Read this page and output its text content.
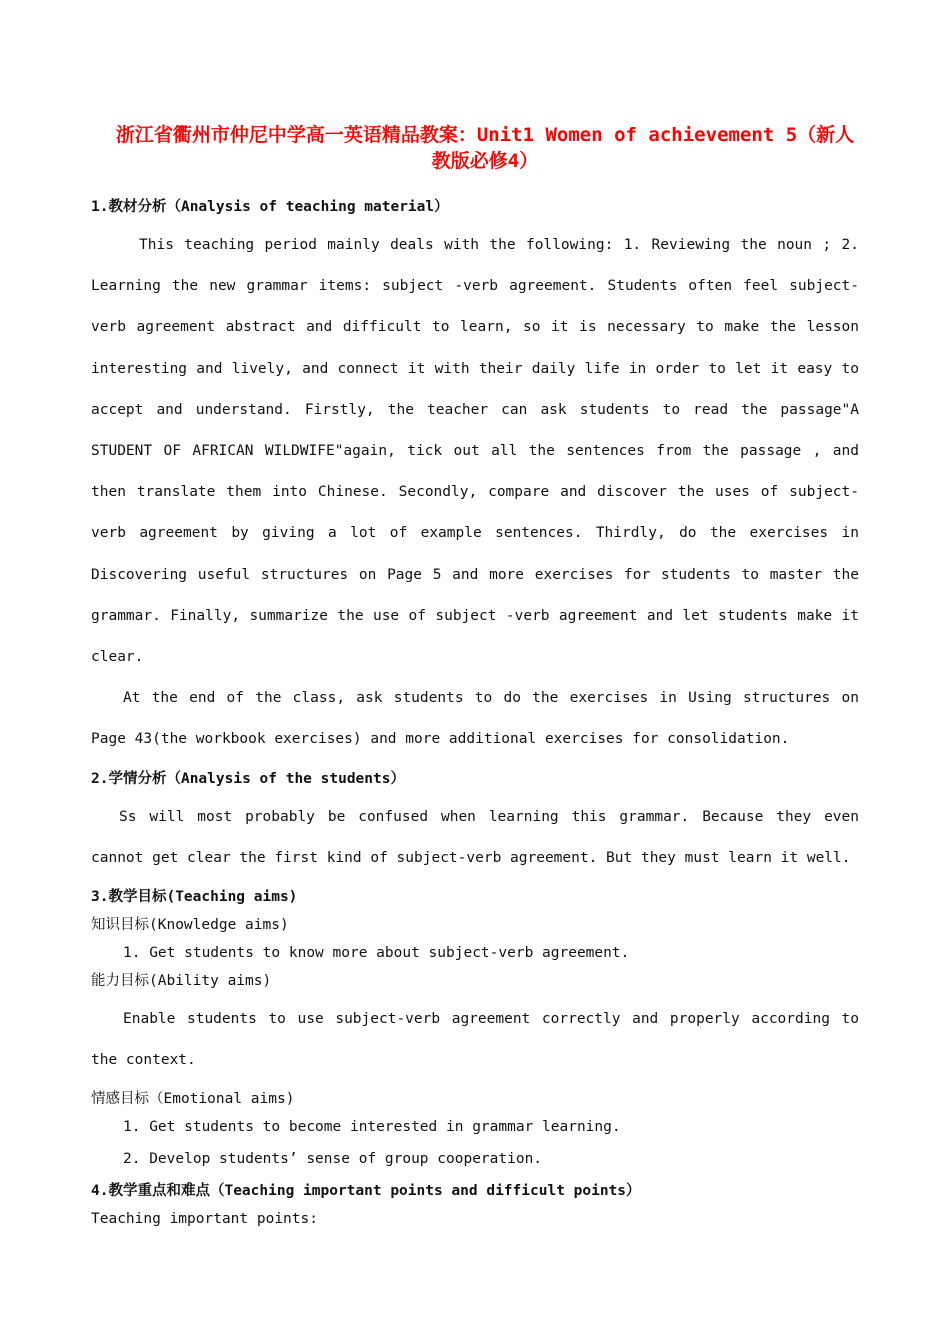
浙江省衢州市仲尼中学高一英语精品教案：Unit1 Women of achievement 5（新人教版必修4）
1.教材分析（Analysis of teaching material）

This teaching period mainly deals with the following: 1. Reviewing the noun ; 2. Learning the new grammar items: subject -verb agreement. Students often feel subject-verb agreement abstract and difficult to learn, so it is necessary to make the lesson interesting and lively, and connect it with their daily life in order to let it easy to accept and understand. Firstly, the teacher can ask students to read the passage"A STUDENT OF AFRICAN WILDWIFE"again, tick out all the sentences from the passage , and then translate them into Chinese. Secondly, compare and discover the uses of subject-verb agreement by giving a lot of example sentences. Thirdly, do the exercises in Discovering useful structures on Page 5 and more exercises for students to master the grammar. Finally, summarize the use of subject -verb agreement and let students make it clear.

At the end of the class, ask students to do the exercises in Using structures on Page 43(the workbook exercises) and more additional exercises for consolidation.

2.学情分析（Analysis of the students）

Ss will most probably be confused when learning this grammar. Because they even cannot get clear the first kind of subject-verb agreement. But they must learn it well.

3.教学目标(Teaching aims)
知识目标(Knowledge aims)
1. Get students to know more about subject-verb agreement.
能力目标(Ability aims)

Enable students to use subject-verb agreement correctly and properly according to the context.

情感目标（Emotional aims)
1. Get students to become interested in grammar learning.
2. Develop students’ sense of group cooperation.
4.教学重点和难点（Teaching important points and difficult points）
Teaching important points:
